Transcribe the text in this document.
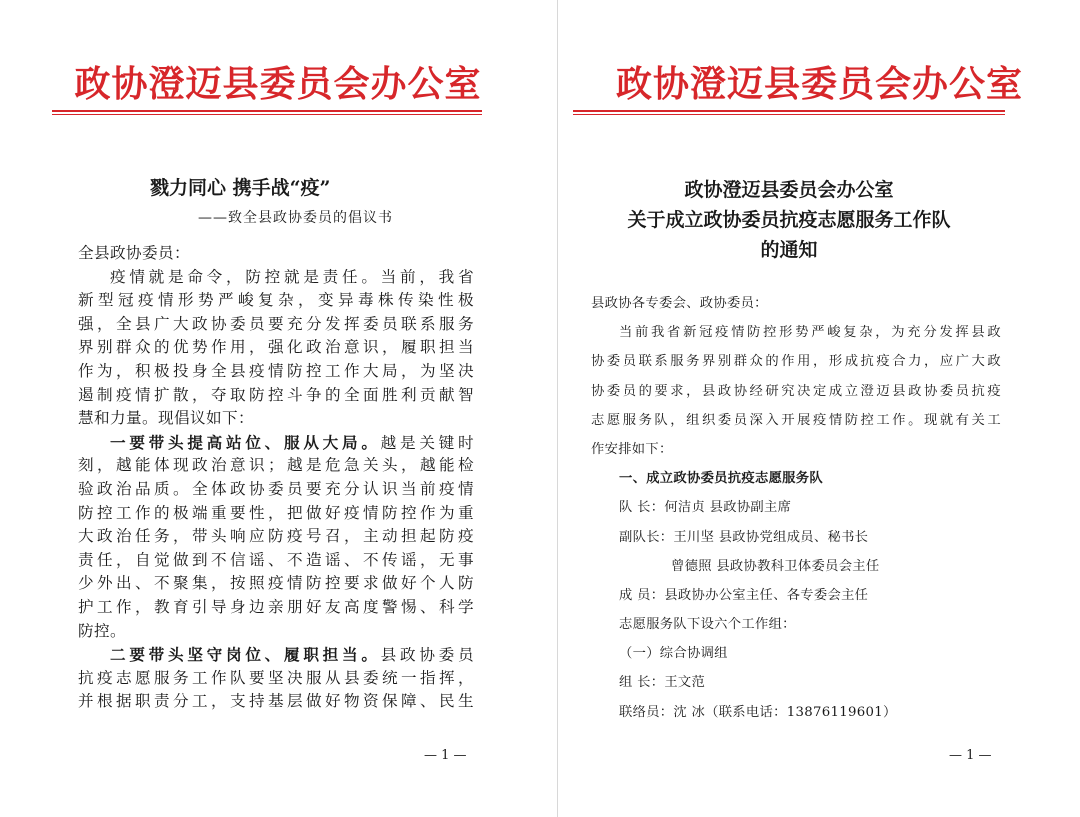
政协澄迈县委员会办公室
戮力同心 携手战“疫”
——致全县政协委员的倡议书
全县政协委员：
疫情就是命令，防控就是责任。当前，我省
新型冠疫情形势严峻复杂，变异毒株传染性极
强，全县广大政协委员要充分发挥委员联系服务
界别群众的优势作用，强化政治意识，履职担当
作为，积极投身全县疫情防控工作大局，为坚决
遏制疫情扩散，夺取防控斗争的全面胜利贡献智
慧和力量。现倡议如下：
一要带头提高站位、服从大局。越是关键时
刻，越能体现政治意识；越是危急关头，越能检
验政治品质。全体政协委员要充分认识当前疫情
防控工作的极端重要性，把做好疫情防控作为重
大政治任务，带头响应防疫号召，主动担起防疫
责任，自觉做到不信谣、不造谣、不传谣，无事
少外出、不聚集，按照疫情防控要求做好个人防
护工作，教育引导身边亲朋好友高度警惕、科学
防控。
二要带头坚守岗位、履职担当。县政协委员
抗疫志愿服务工作队要坚决服从县委统一指挥，
并根据职责分工，支持基层做好物资保障、民生
— 1 —
政协澄迈县委员会办公室
政协澄迈县委员会办公室
关于成立政协委员抗疫志愿服务工作队
的通知
县政协各专委会、政协委员：
当前我省新冠疫情防控形势严峻复杂，为充分发挥县政
协委员联系服务界别群众的作用，形成抗疫合力，应广大政
协委员的要求，县政协经研究决定成立澄迈县政协委员抗疫
志愿服务队，组织委员深入开展疫情防控工作。现就有关工
作安排如下：
一、成立政协委员抗疫志愿服务队
队 长：何洁贞 县政协副主席
副队长：王川坚 县政协党组成员、秘书长
曾德照 县政协教科卫体委员会主任
成 员：县政协办公室主任、各专委会主任
志愿服务队下设六个工作组：
（一）综合协调组
组 长：王文范
联络员：沈 冰（联系电话：13876119601）
— 1 —
